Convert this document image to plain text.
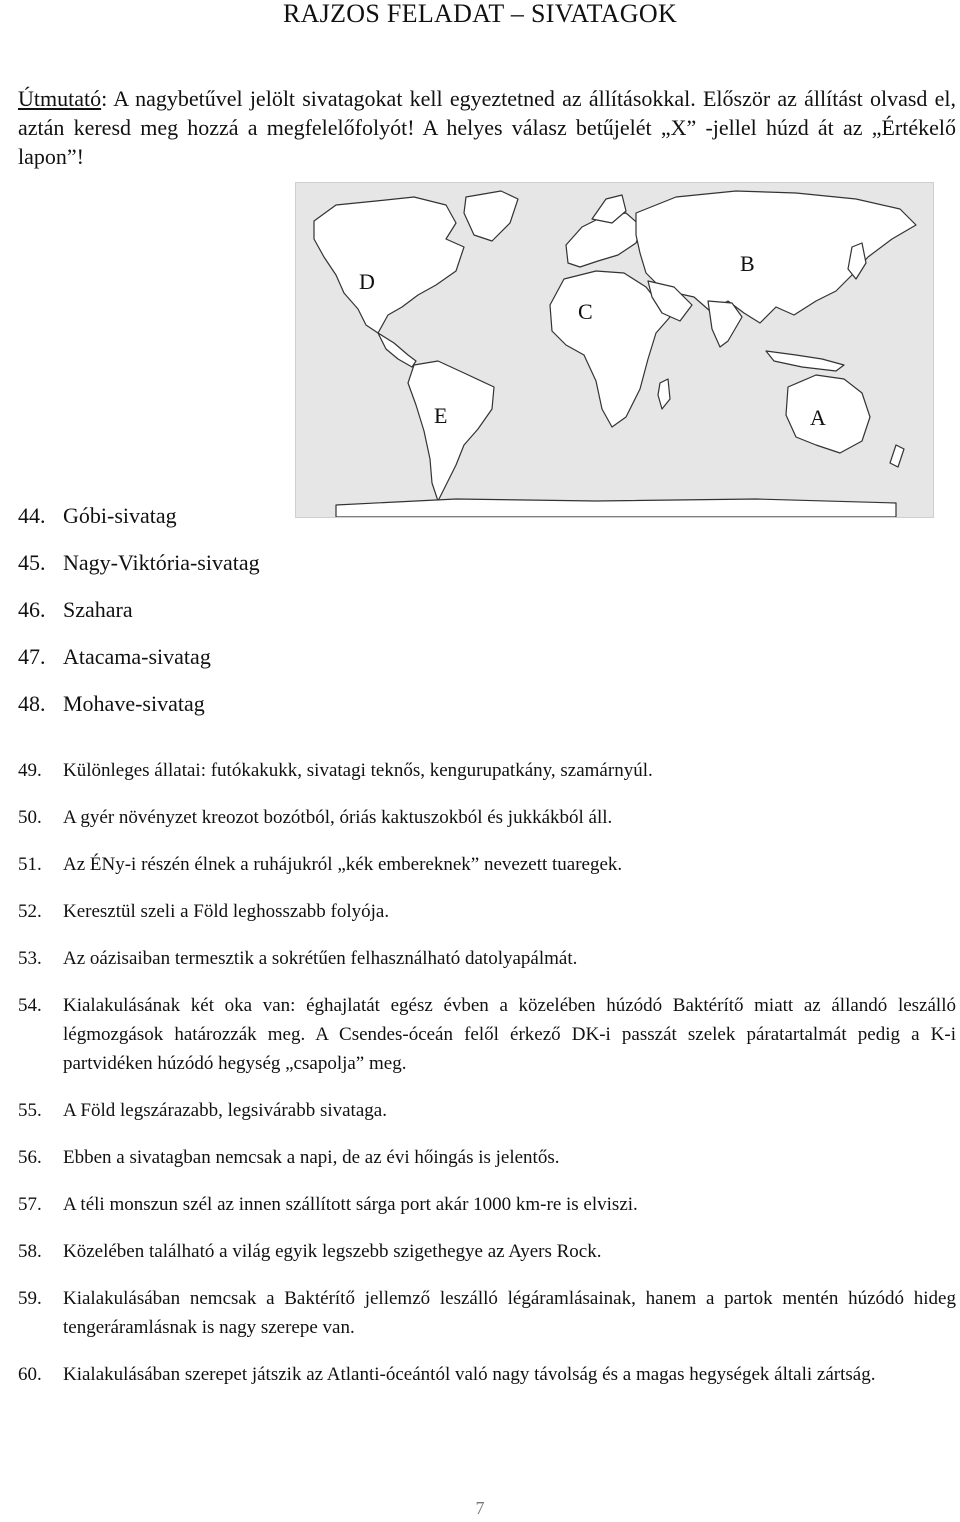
RAJZOS FELADAT – SIVATAGOK
Útmutató: A nagybetűvel jelölt sivatagokat kell egyeztetned az állításokkal. Először az állítást olvasd el, aztán keresd meg hozzá a megfelelőfolyót! A helyes válasz betűjelét „X” -jellel húzd át az „Értékelő lapon”!
D
B
C
E	A
44. Góbi-sivatag
45. Nagy-Viktória-sivatag
46. Szahara
47. Atacama-sivatag
48. Mohave-sivatag
49. Különleges állatai: futókakukk, sivatagi teknős, kengurupatkány, szamárnyúl.
50. A gyér növényzet kreozot bozótból, óriás kaktuszokból és jukkákból áll.
51. Az ÉNy-i részén élnek a ruhájukról „kék embereknek” nevezett tuaregek.
52. Keresztül szeli a Föld leghosszabb folyója.
53. Az oázisaiban termesztik a sokrétűen felhasználható datolyapálmát.
54. Kialakulásának két oka van: éghajlatát egész évben a közelében húzódó Baktérítő miatt az állandó leszálló légmozgások határozzák meg. A Csendes-óceán felől érkező DK-i passzát szelek páratartalmát pedig a K-i partvidéken húzódó hegység „csapolja” meg.
55. A Föld legszárazabb, legsivárabb sivataga.
56. Ebben a sivatagban nemcsak a napi, de az évi hőingás is jelentős.
57. A téli monszun szél az innen szállított sárga port akár 1000 km-re is elviszi.
58. Közelében található a világ egyik legszebb szigethegye az Ayers Rock.
59. Kialakulásában nemcsak a Baktérítő jellemző leszálló légáramlásainak, hanem a partok mentén húzódó hideg tengeráramlásnak is nagy szerepe van.
60. Kialakulásában szerepet játszik az Atlanti-óceántól való nagy távolság és a magas hegységek általi zártság.
7
